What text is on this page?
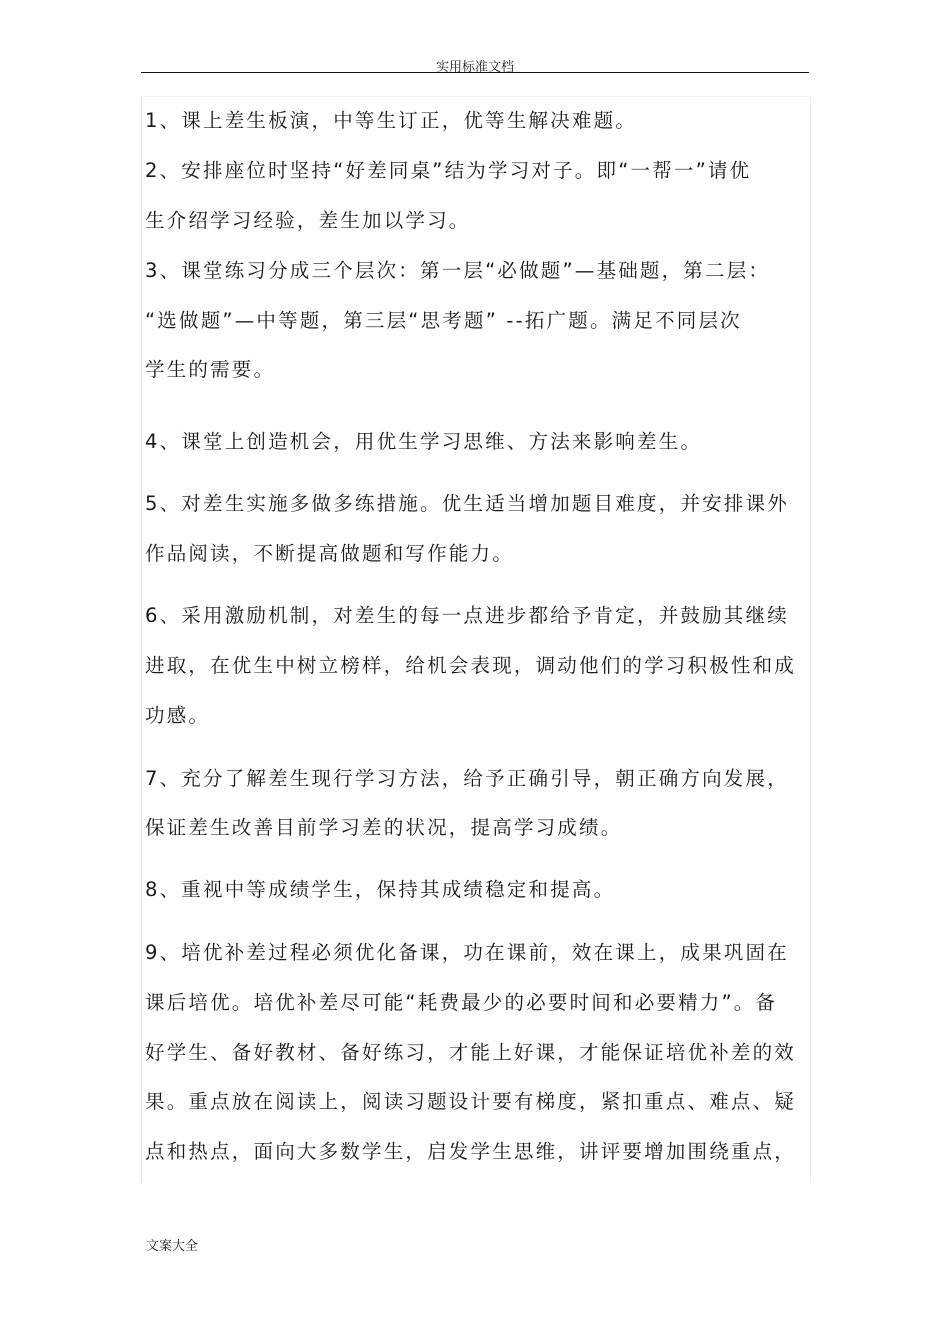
实用标准文档
1、课上差生板演，中等生订正，优等生解决难题。
2、安排座位时坚持“好差同桌”结为学习对子。即“一帮一”请优
生介绍学习经验，差生加以学习。
3、课堂练习分成三个层次：第一层“必做题”—基础题，第二层：
“选做题”—中等题，第三层“思考题” --拓广题。满足不同层次
学生的需要。
4、课堂上创造机会，用优生学习思维、方法来影响差生。
5、对差生实施多做多练措施。优生适当增加题目难度，并安排课外
作品阅读，不断提高做题和写作能力。
6、采用激励机制，对差生的每一点进步都给予肯定，并鼓励其继续
进取，在优生中树立榜样，给机会表现，调动他们的学习积极性和成
功感。
7、充分了解差生现行学习方法，给予正确引导，朝正确方向发展，
保证差生改善目前学习差的状况，提高学习成绩。
8、重视中等成绩学生，保持其成绩稳定和提高。
9、培优补差过程必须优化备课，功在课前，效在课上，成果巩固在
课后培优。培优补差尽可能“耗费最少的必要时间和必要精力”。备
好学生、备好教材、备好练习，才能上好课，才能保证培优补差的效
果。重点放在阅读上，阅读习题设计要有梯度，紧扣重点、难点、疑
点和热点，面向大多数学生，启发学生思维，讲评要增加围绕重点，
文案大全
